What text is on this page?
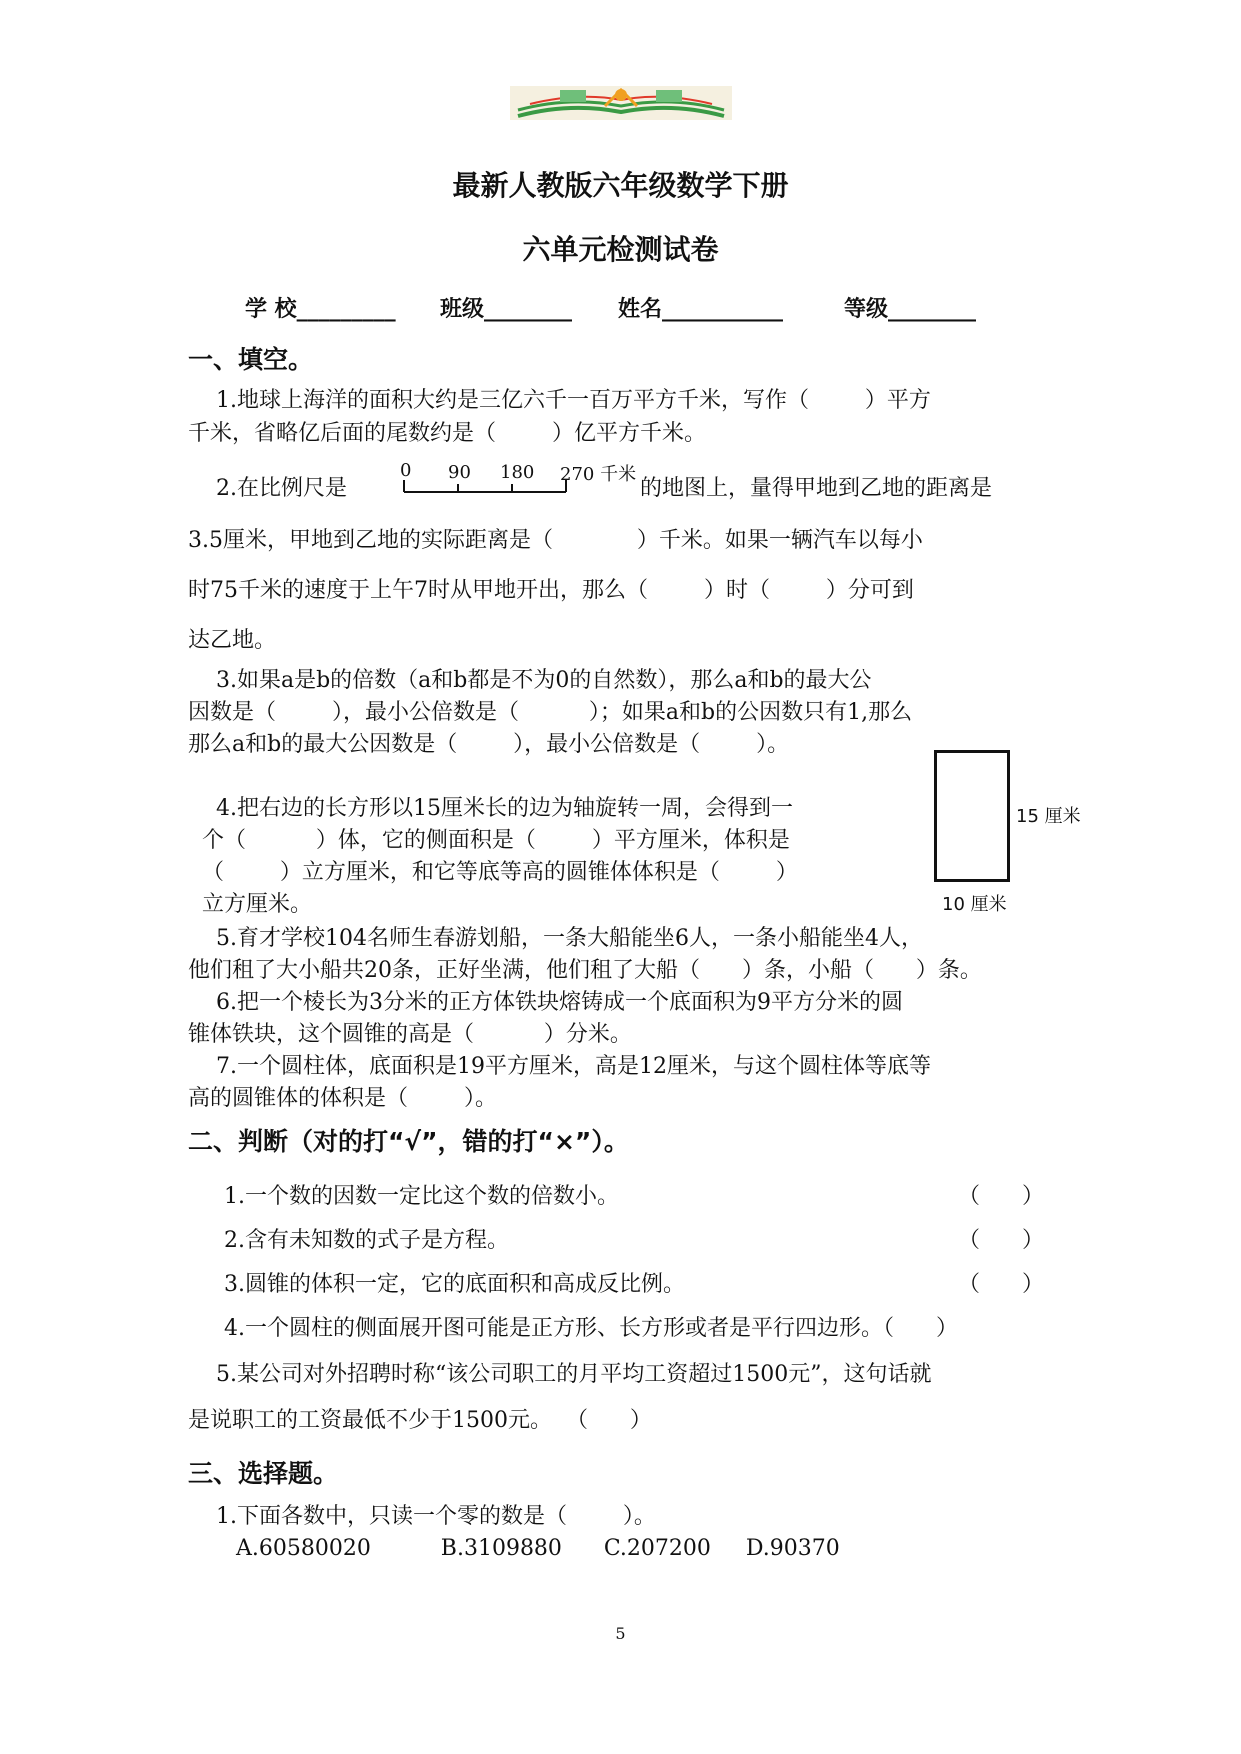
最新人教版六年级数学下册
六单元检测试卷
学 校_________ 班级________ 姓名___________	等级________
一、填空。
1.地球上海洋的面积大约是三亿六千一百万平方千米，写作（        ）平方
千米，省略亿后面的尾数约是（        ）亿平方千米。
2.在比例尺是
0 90 180 270 千米
的地图上，量得甲地到乙地的距离是
3.5厘米，甲地到乙地的实际距离是（            ）千米。如果一辆汽车以每小
时75千米的速度于上午7时从甲地开出，那么（        ）时（        ）分可到
达乙地。
3.如果a是b的倍数（a和b都是不为0的自然数），那么a和b的最大公
因数是（        ），最小公倍数是（          ）；如果a和b的公因数只有1,那么
那么a和b的最大公因数是（        ），最小公倍数是（        ）。
15 厘米
10 厘米
4.把右边的长方形以15厘米长的边为轴旋转一周，会得到一
个（          ）体，它的侧面积是（        ）平方厘米，体积是
（        ）立方厘米，和它等底等高的圆锥体体积是（        ）
立方厘米。
5.育才学校104名师生春游划船，一条大船能坐6人，一条小船能坐4人，
他们租了大小船共20条，正好坐满，他们租了大船（      ）条，小船（      ）条。
6.把一个棱长为3分米的正方体铁块熔铸成一个底面积为9平方分米的圆
锥体铁块，这个圆锥的高是（          ）分米。
7.一个圆柱体，底面积是19平方厘米，高是12厘米，与这个圆柱体等底等
高的圆锥体的体积是（        ）。
二、判断（对的打“√”，错的打“×”）。
1.一个数的因数一定比这个数的倍数小。	（      ）
2.含有未知数的式子是方程。	（      ）
3.圆锥的体积一定，它的底面积和高成反比例。	（      ）
4.一个圆柱的侧面展开图可能是正方形、长方形或者是平行四边形。（      ）
5.某公司对外招聘时称“该公司职工的月平均工资超过1500元”，这句话就
是说职工的工资最低不少于1500元。  （      ）
三、选择题。
1.下面各数中，只读一个零的数是（        ）。
A.60580020          B.3109880      C.207200     D.90370
5
